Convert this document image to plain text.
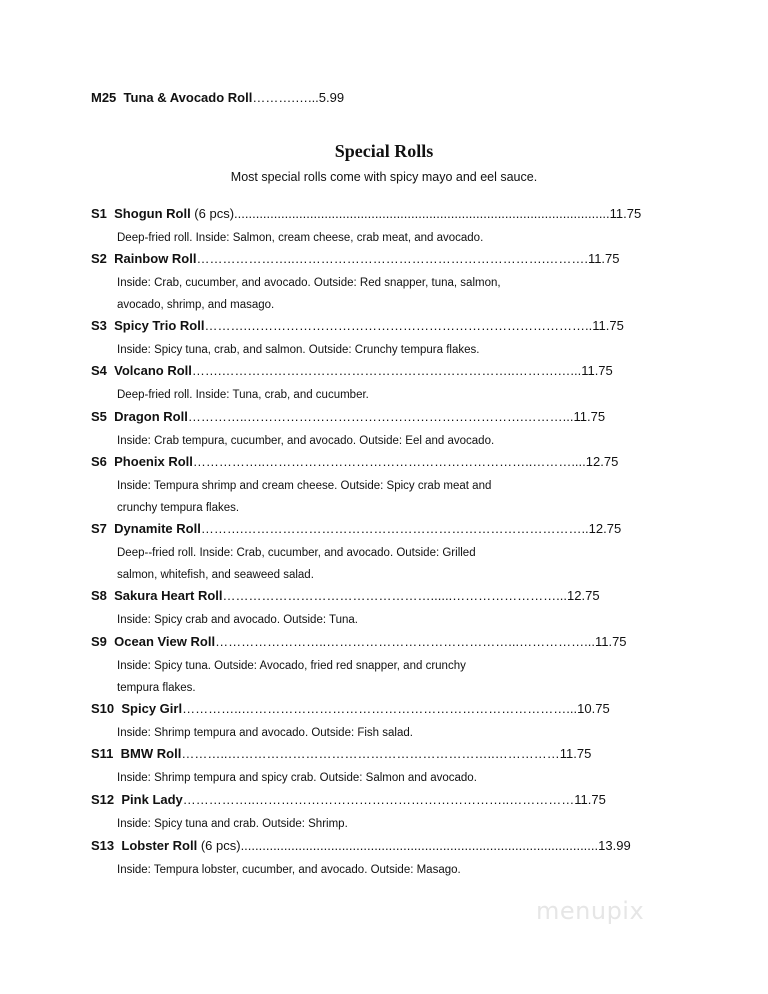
M25 Tuna & Avocado Roll……….…...5.99
Special Rolls
Most special rolls come with spicy mayo and eel sauce.
S1 Shogun Roll (6 pcs)........................................................................................................11.75
Deep-fried roll. Inside: Salmon, cream cheese, crab meat, and avocado.
S2 Rainbow Roll…………………..………………………………………………….……….11.75
Inside: Crab, cucumber, and avocado. Outside: Red snapper, tuna, salmon,
avocado, shrimp, and masago.
S3 Spicy Trio Roll……….……………………………………………………………………..11.75
Inside: Spicy tuna, crab, and salmon. Outside: Crunchy tempura flakes.
S4 Volcano Roll…….…………………………………………………………..……….…...11.75
Deep-fried roll. Inside: Tuna, crab, and cucumber.
S5 Dragon Roll…………..……………………………………………………….………...11.75
Inside: Crab tempura, cucumber, and avocado. Outside: Eel and avocado.
S6 Phoenix Roll……………..……………………………………………………..………....12.75
Inside: Tempura shrimp and cream cheese. Outside: Spicy crab meat and
crunchy tempura flakes.
S7 Dynamite Roll……….……………………………………………………………………..12.75
Deep--fried roll. Inside: Crab, cucumber, and avocado. Outside: Grilled
salmon, whitefish, and seaweed salad.
S8 Sakura Heart Roll…………………………………………......……………………...12.75
Inside: Spicy crab and avocado. Outside: Tuna.
S9 Ocean View Roll……………………..……………………………………...……………...11.75
Inside: Spicy tuna. Outside: Avocado, fried red snapper, and crunchy
tempura flakes.
S10 Spicy Girl…………..…………………………………………………………………...10.75
Inside: Shrimp tempura and avocado. Outside: Fish salad.
S11 BMW Roll………..……………………………………………………..……………11.75
Inside: Shrimp tempura and spicy crab. Outside: Salmon and avocado.
S12 Pink Lady……………..…………………………………………………..……………11.75
Inside: Spicy tuna and crab. Outside: Shrimp.
S13 Lobster Roll (6 pcs)...................................................................................................13.99
Inside: Tempura lobster, cucumber, and avocado. Outside: Masago.
menupix
